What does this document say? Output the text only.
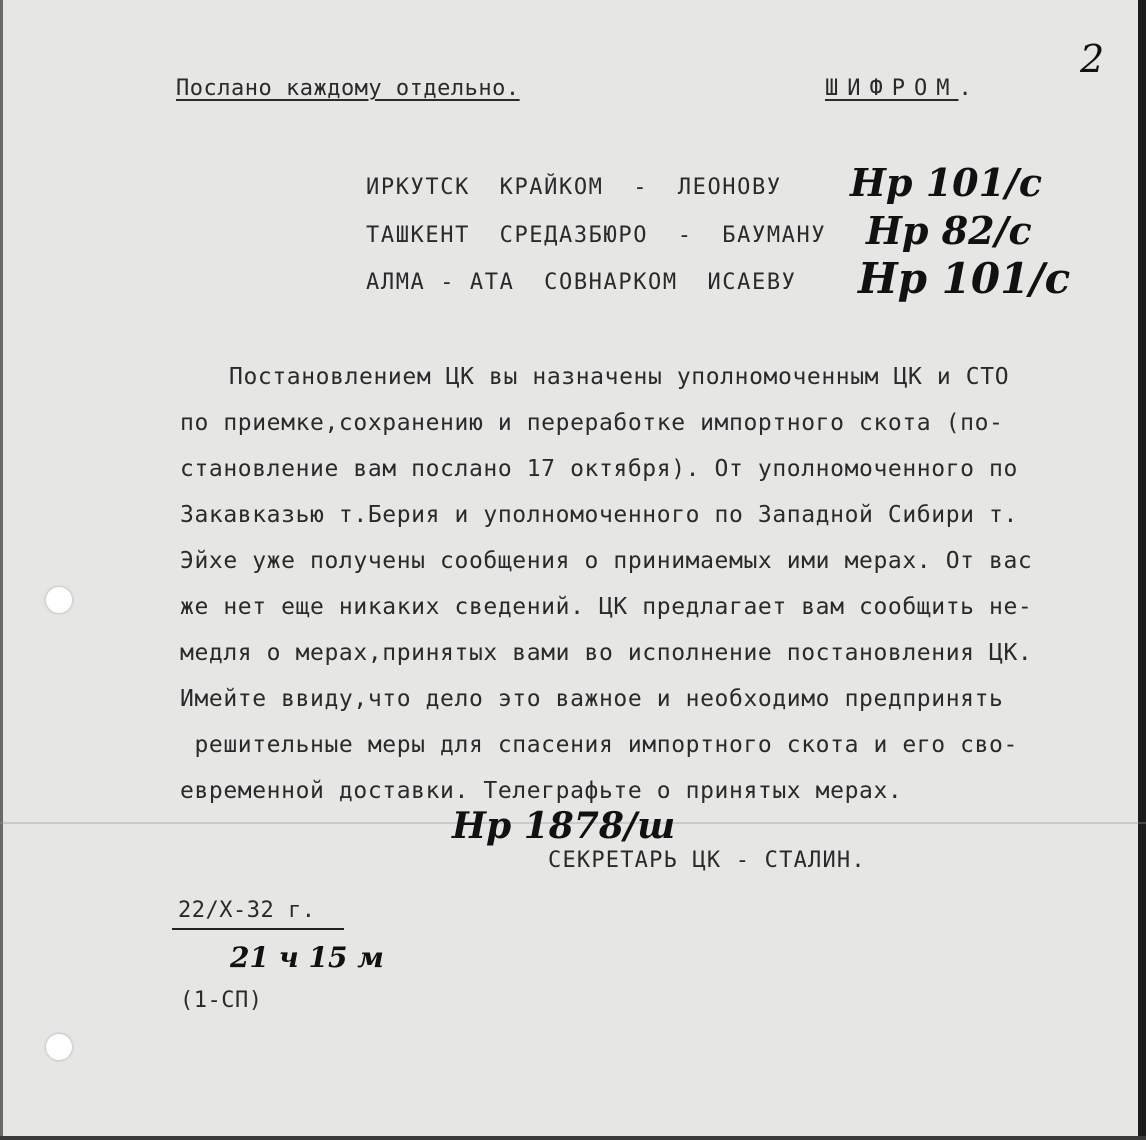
2
Послано каждому отдельно.	ШИФРОМ.
ИРКУТСК  КРАЙКОМ  -  ЛЕОНОВУ Нр 101/с
ТАШКЕНТ  СРЕДАЗБЮРО  -  БАУМАНУ Нр 82/с
АЛМА - АТА  СОВНАРКОМ  ИСАЕВУ Нр 101/с
Постановлением ЦК вы назначены уполномоченным ЦК и СТО
по приемке,сохранению и переработке импортного скота (по-
становление вам послано 17 октября). От уполномоченного по
Закавказью т.Берия и уполномоченного по Западной Сибири т.
Эйхе уже получены сообщения о принимаемых ими мерах. От вас
же нет еще никаких сведений. ЦК предлагает вам сообщить не-
медля о мерах,принятых вами во исполнение постановления ЦК.
Имейте ввиду,что дело это важное и необходимо предпринять
решительные меры для спасения импортного скота и его сво-
евременной доставки. Телеграфьте о принятых мерах.
Нр 1878/ш
СЕКРЕТАРЬ ЦК - СТАЛИН.
22/X-32 г.
21 ч 15 м
(1-СП)
